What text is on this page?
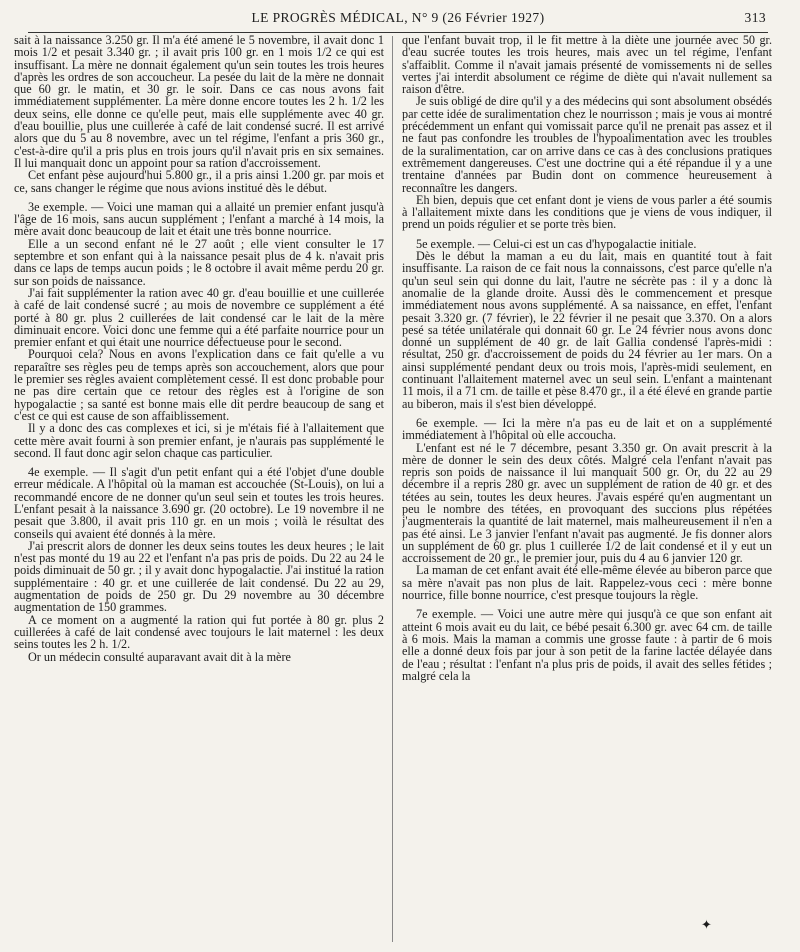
LE PROGRÈS MÉDICAL, N° 9 (26 Février 1927)	313

sait à la naissance 3.250 gr. Il m'a été amené le 5 novembre, il avait donc 1 mois 1/2 et pesait 3.340 gr. ; il avait pris 100 gr. en 1 mois 1/2 ce qui est insuffisant. La mère ne donnait également qu'un sein toutes les trois heures d'après les ordres de son accoucheur. La pesée du lait de la mère ne donnait que 60 gr. le matin, et 30 gr. le soir. Dans ce cas nous avons fait immédiatement supplémenter. La mère donne encore toutes les 2 h. 1/2 les deux seins, elle donne ce qu'elle peut, mais elle supplémente avec 40 gr. d'eau bouillie, plus une cuillerée à café de lait condensé sucré. Il est arrivé alors que du 5 au 8 novembre, avec un tel régime, l'enfant a pris 360 gr., c'est-à-dire qu'il a pris plus en trois jours qu'il n'avait pris en six semaines. Il lui manquait donc un appoint pour sa ration d'accroissement.

Cet enfant pèse aujourd'hui 5.800 gr., il a pris ainsi 1.200 gr. par mois et ce, sans changer le régime que nous avions institué dès le début.

3e exemple. — Voici une maman qui a allaité un premier enfant jusqu'à l'âge de 16 mois, sans aucun supplément ; l'enfant a marché à 14 mois, la mère avait donc beaucoup de lait et était une très bonne nourrice.

Elle a un second enfant né le 27 août ; elle vient consulter le 17 septembre et son enfant qui à la naissance pesait plus de 4 k. n'avait pris dans ce laps de temps aucun poids ; le 8 octobre il avait même perdu 20 gr. sur son poids de naissance.

J'ai fait supplémenter la ration avec 40 gr. d'eau bouillie et une cuillerée à café de lait condensé sucré ; au mois de novembre ce supplément a été porté à 80 gr. plus 2 cuillerées de lait condensé car le lait de la mère diminuait encore. Voici donc une femme qui a été parfaite nourrice pour un premier enfant et qui était une nourrice défectueuse pour le second.

Pourquoi cela? Nous en avons l'explication dans ce fait qu'elle a vu reparaître ses règles peu de temps après son accouchement, alors que pour le premier ses règles avaient complètement cessé. Il est donc probable pour ne pas dire certain que ce retour des règles est à l'origine de son hypogalactie ; sa santé est bonne mais elle dit perdre beaucoup de sang et c'est ce qui est cause de son affaiblissement.

Il y a donc des cas complexes et ici, si je m'étais fié à l'allaitement que cette mère avait fourni à son premier enfant, je n'aurais pas supplémenté le second. Il faut donc agir selon chaque cas particulier.

4e exemple. — Il s'agit d'un petit enfant qui a été l'objet d'une double erreur médicale. A l'hôpital où la maman est accouchée (St-Louis), on lui a recommandé encore de ne donner qu'un seul sein et toutes les trois heures. L'enfant pesait à la naissance 3.690 gr. (20 octobre). Le 19 novembre il ne pesait que 3.800, il avait pris 110 gr. en un mois ; voilà le résultat des conseils qui avaient été donnés à la mère.

J'ai prescrit alors de donner les deux seins toutes les deux heures ; le lait n'est pas monté du 19 au 22 et l'enfant n'a pas pris de poids. Du 22 au 24 le poids diminuait de 50 gr. ; il y avait donc hypogalactie. J'ai institué la ration supplémentaire : 40 gr. et une cuillerée de lait condensé. Du 22 au 29, augmentation de poids de 250 gr. Du 29 novembre au 30 décembre augmentation de 150 grammes.

A ce moment on a augmenté la ration qui fut portée à 80 gr. plus 2 cuillerées à café de lait condensé avec toujours le lait maternel : les deux seins toutes les 2 h. 1/2.

Or un médecin consulté auparavant avait dit à la mère

que l'enfant buvait trop, il le fit mettre à la diète une journée avec 50 gr. d'eau sucrée toutes les trois heures, mais avec un tel régime, l'enfant s'affaiblit. Comme il n'avait jamais présenté de vomissements ni de selles vertes j'ai interdit absolument ce régime de diète qui n'avait nullement sa raison d'être.

Je suis obligé de dire qu'il y a des médecins qui sont absolument obsédés par cette idée de suralimentation chez le nourrisson ; mais je vous ai montré précédemment un enfant qui vomissait parce qu'il ne prenait pas assez et il ne faut pas confondre les troubles de l'hypoalimentation avec les troubles de la suralimentation, car on arrive dans ce cas à des conclusions pratiques extrêmement dangereuses. C'est une doctrine qui a été répandue il y a une trentaine d'années par Budin dont on commence heureusement à reconnaître les dangers.

Eh bien, depuis que cet enfant dont je viens de vous parler a été soumis à l'allaitement mixte dans les conditions que je viens de vous indiquer, il prend un poids régulier et se porte très bien.

5e exemple. — Celui-ci est un cas d'hypogalactie initiale.

Dès le début la maman a eu du lait, mais en quantité tout à fait insuffisante. La raison de ce fait nous la connaissons, c'est parce qu'elle n'a qu'un seul sein qui donne du lait, l'autre ne sécrète pas : il y a donc là anomalie de la glande droite. Aussi dès le commencement et presque immédiatement nous avons supplémenté. A sa naissance, en effet, l'enfant pesait 3.320 gr. (7 février), le 22 février il ne pesait que 3.370. On a alors pesé sa tétée unilatérale qui donnait 60 gr. Le 24 février nous avons donc donné un supplément de 40 gr. de lait Gallia condensé l'après-midi : résultat, 250 gr. d'accroissement de poids du 24 février au 1er mars. On a ainsi supplémenté pendant deux ou trois mois, l'après-midi seulement, en continuant l'allaitement maternel avec un seul sein. L'enfant a maintenant 11 mois, il a 71 cm. de taille et pèse 8.470 gr., il a été élevé en grande partie au biberon, mais il s'est bien développé.

6e exemple. — Ici la mère n'a pas eu de lait et on a supplémenté immédiatement à l'hôpital où elle accoucha.

L'enfant est né le 7 décembre, pesant 3.350 gr. On avait prescrit à la mère de donner le sein des deux côtés. Malgré cela l'enfant n'avait pas repris son poids de naissance il lui manquait 500 gr. Or, du 22 au 29 décembre il a repris 280 gr. avec un supplément de ration de 40 gr. et des tétées au sein, toutes les deux heures. J'avais espéré qu'en augmentant un peu le nombre des tétées, en provoquant des succions plus répétées j'augmenterais la quantité de lait maternel, mais malheureusement il n'en a pas été ainsi. Le 3 janvier l'enfant n'avait pas augmenté. Je fis donner alors un supplément de 60 gr. plus 1 cuillerée 1/2 de lait condensé et il y eut un accroissement de 20 gr., le premier jour, puis du 4 au 6 janvier 120 gr.

La maman de cet enfant avait été elle-même élevée au biberon parce que sa mère n'avait pas non plus de lait. Rappelez-vous ceci : mère bonne nourrice, fille bonne nourrice, c'est presque toujours la règle.

7e exemple. — Voici une autre mère qui jusqu'à ce que son enfant ait atteint 6 mois avait eu du lait, ce bébé pesait 6.300 gr. avec 64 cm. de taille à 6 mois. Mais la maman a commis une grosse faute : à partir de 6 mois elle a donné deux fois par jour à son petit de la farine lactée délayée dans de l'eau ; résultat : l'enfant n'a plus pris de poids, il avait des selles fétides ; malgré cela la

✦
